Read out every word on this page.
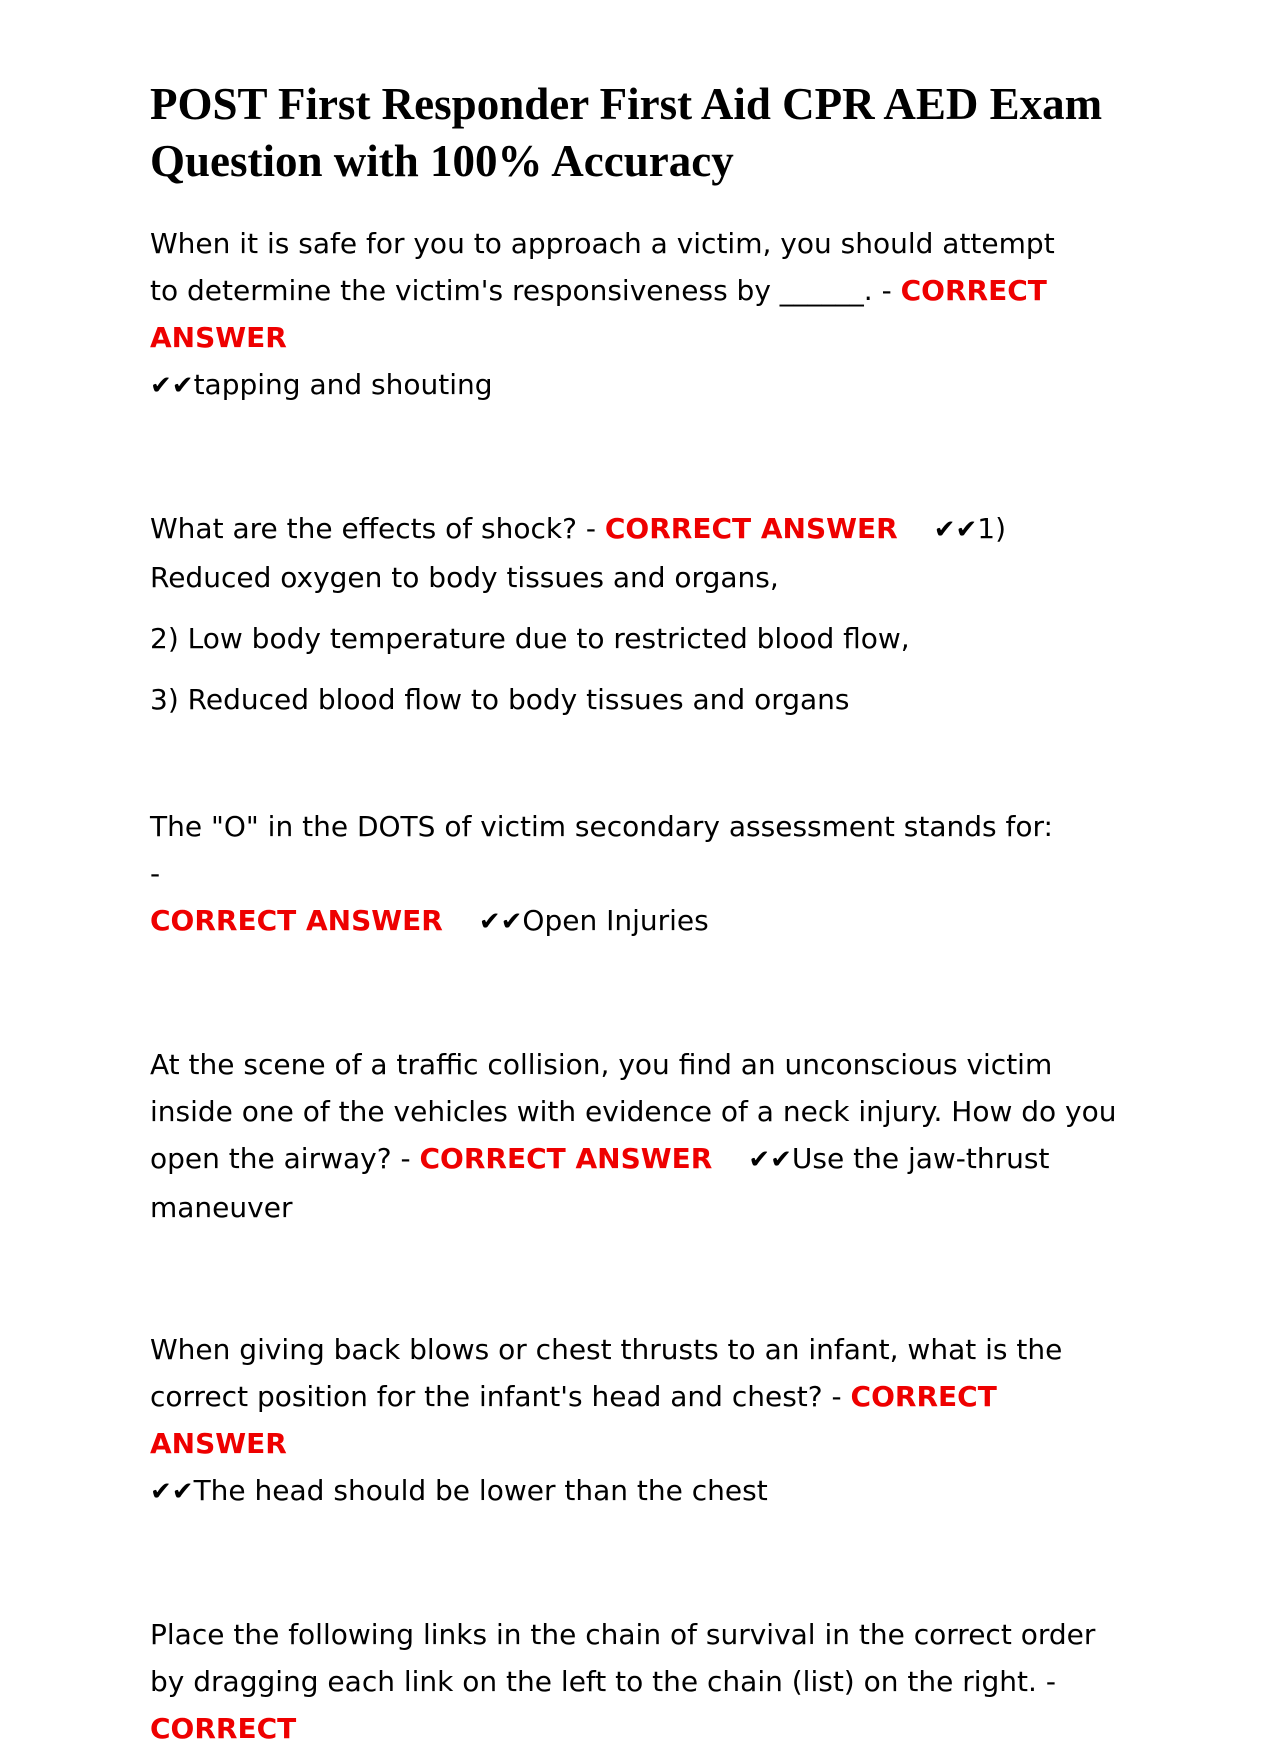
POST First Responder First Aid CPR AED Exam Question with 100% Accuracy

When it is safe for you to approach a victim, you should attempt to determine the victim's responsiveness by ______. - CORRECT ANSWER
✔✔tapping and shouting

What are the effects of shock? - CORRECT ANSWER ✔✔1) Reduced oxygen to body tissues and organs,

2) Low body temperature due to restricted blood flow,

3) Reduced blood flow to body tissues and organs

The "O" in the DOTS of victim secondary assessment stands for: -
CORRECT ANSWER ✔✔Open Injuries

At the scene of a traffic collision, you find an unconscious victim inside one of the vehicles with evidence of a neck injury. How do you open the airway? - CORRECT ANSWER ✔✔Use the jaw-thrust maneuver

When giving back blows or chest thrusts to an infant, what is the correct position for the infant's head and chest? - CORRECT ANSWER
✔✔The head should be lower than the chest

Place the following links in the chain of survival in the correct order by dragging each link on the left to the chain (list) on the right. - CORRECT
